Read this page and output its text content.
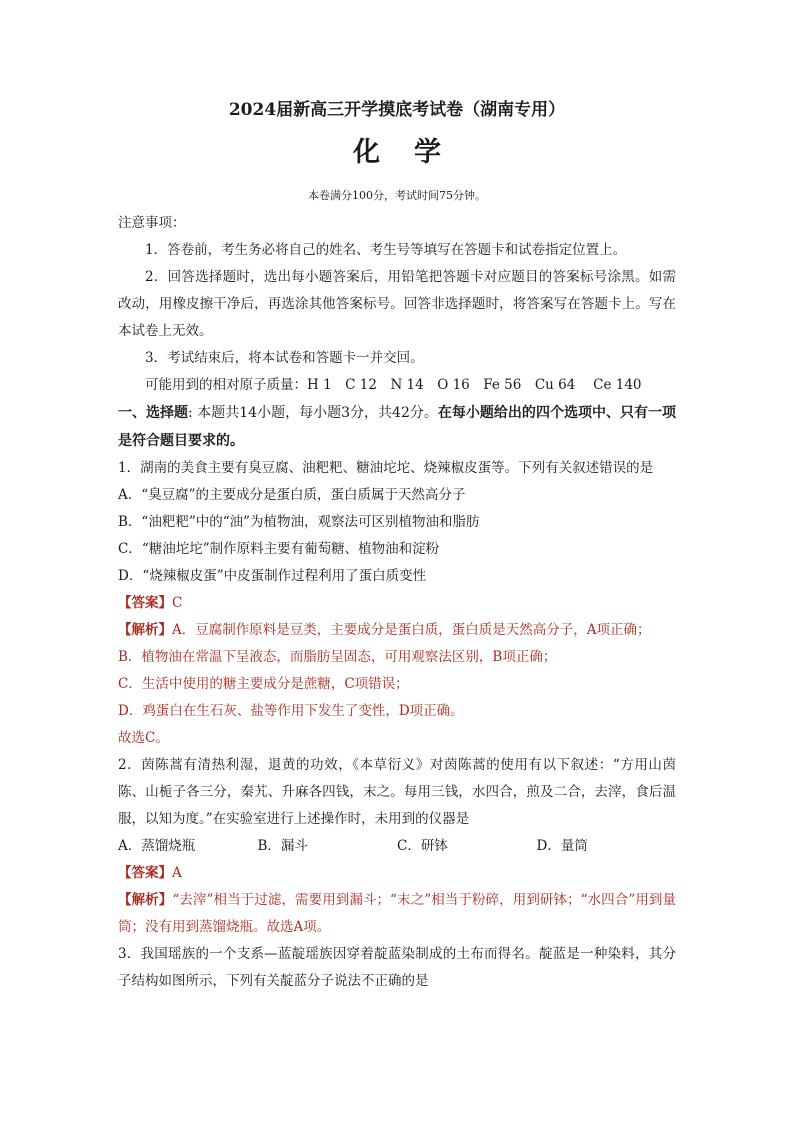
2024届新高三开学摸底考试卷（湖南专用）
化学
本卷满分100分，考试时间75分钟。
注意事项：
1．答卷前，考生务必将自己的姓名、考生号等填写在答题卡和试卷指定位置上。
2．回答选择题时，选出每小题答案后，用铅笔把答题卡对应题目的答案标号涂黑。如需改动，用橡皮擦干净后，再选涂其他答案标号。回答非选择题时，将答案写在答题卡上。写在本试卷上无效。
3．考试结束后，将本试卷和答题卡一并交回。
可能用到的相对原子质量：H 1　C 12　N 14　O 16　Fe 56　Cu 64　 Ce 140
一、选择题: 本题共14小题，每小题3分，共42分。在每小题给出的四个选项中、只有一项是符合题目要求的。
1．湖南的美食主要有臭豆腐、油粑粑、糖油坨坨、烧辣椒皮蛋等。下列有关叙述错误的是
A．“臭豆腐”的主要成分是蛋白质，蛋白质属于天然高分子
B．“油粑粑”中的“油”为植物油，观察法可区别植物油和脂肪
C．“糖油坨坨”制作原料主要有葡萄糖、植物油和淀粉
D．“烧辣椒皮蛋”中皮蛋制作过程利用了蛋白质变性
【答案】C
【解析】A．豆腐制作原料是豆类，主要成分是蛋白质，蛋白质是天然高分子，A项正确；
B．植物油在常温下呈液态，而脂肪呈固态，可用观察法区别，B项正确；
C．生活中使用的糖主要成分是蔗糖，C项错误；
D．鸡蛋白在生石灰、盐等作用下发生了变性，D项正确。
故选C。
2．茵陈蒿有清热利湿，退黄的功效，《本草衍义》对茵陈蒿的使用有以下叙述：“方用山茵陈、山栀子各三分，秦艽、升麻各四钱，末之。每用三钱，水四合，煎及二合，去滓，食后温服，以知为度。”在实验室进行上述操作时，未用到的仪器是
A．蒸馏烧瓶	B．漏斗	C．研钵	D．量筒
【答案】A
【解析】“去滓”相当于过滤，需要用到漏斗；“末之”相当于粉碎，用到研钵；“水四合”用到量筒；没有用到蒸馏烧瓶。故选A项。
3．我国瑶族的一个支系—蓝靛瑶族因穿着靛蓝染制成的土布而得名。靛蓝是一种染料，其分子结构如图所示，下列有关靛蓝分子说法不正确的是
